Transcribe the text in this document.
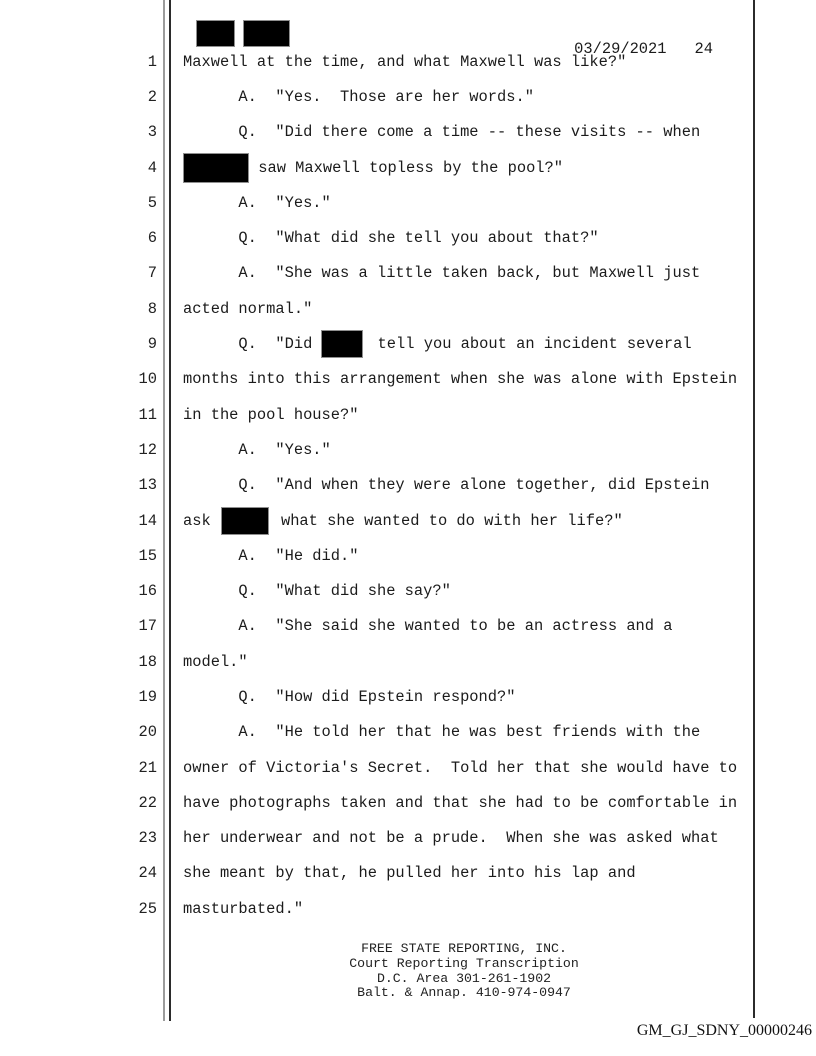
03/29/2021 24

1 Maxwell at the time, and what Maxwell was like?"
2 A.  "Yes.  Those are her words."
3 Q.  "Did there come a time -- these visits -- when
4	saw Maxwell topless by the pool?"
5 A.  "Yes."
6 Q.  "What did she tell you about that?"
7 A.  "She was a little taken back, but Maxwell just
8 acted normal."
9 Q.  "Did	tell you about an incident several
10 months into this arrangement when she was alone with Epstein
11 in the pool house?"
12 A.  "Yes."
13 Q.  "And when they were alone together, did Epstein
14 ask	what she wanted to do with her life?"
15 A.  "He did."
16 Q.  "What did she say?"
17 A.  "She said she wanted to be an actress and a
18 model."
19 Q.  "How did Epstein respond?"
20 A.  "He told her that he was best friends with the
21 owner of Victoria's Secret.  Told her that she would have to
22 have photographs taken and that she had to be comfortable in
23 her underwear and not be a prude.  When she was asked what
24 she meant by that, he pulled her into his lap and
25 masturbated."
FREE STATE REPORTING, INC.
Court Reporting Transcription
D.C. Area 301-261-1902
Balt. & Annap. 410-974-0947
GM_GJ_SDNY_00000246
